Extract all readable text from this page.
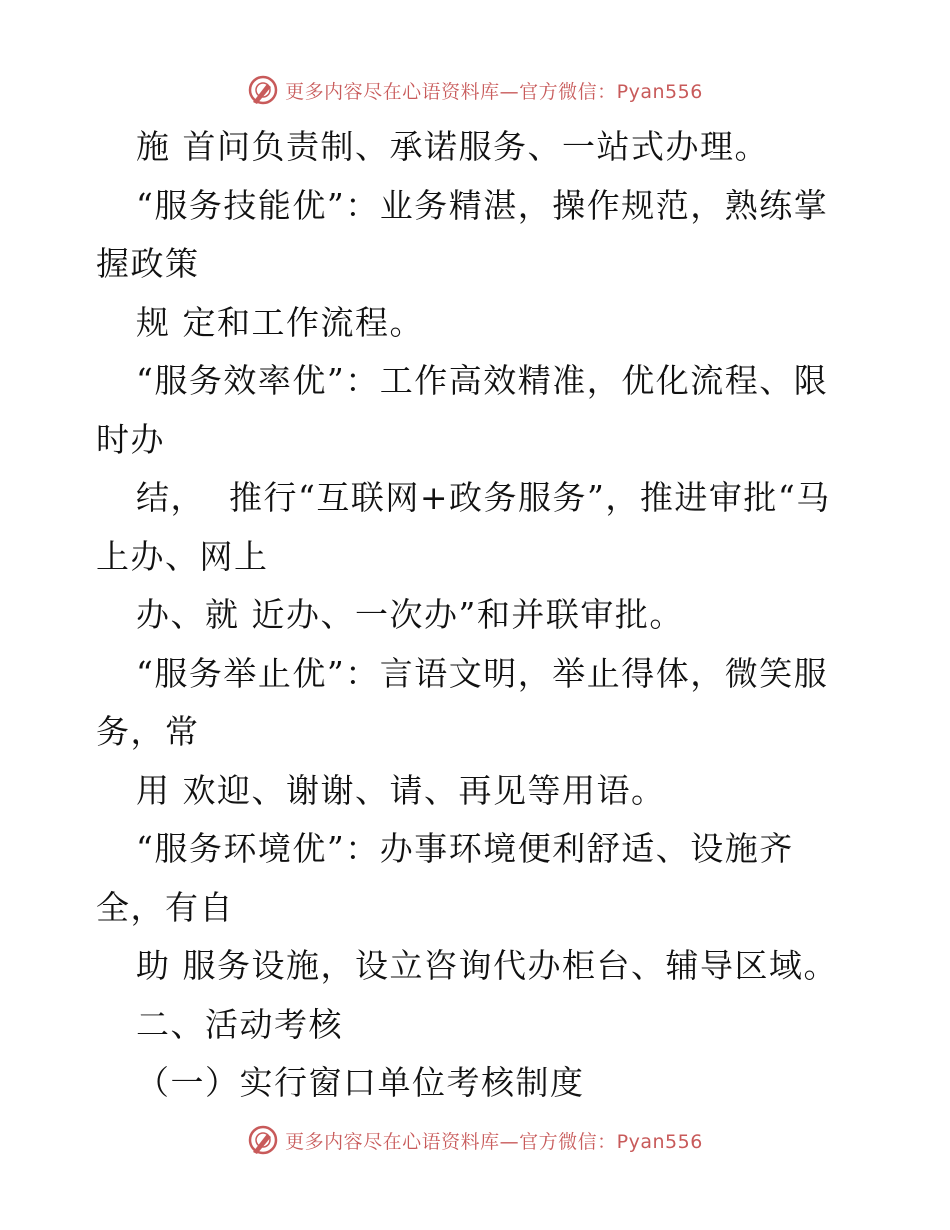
更多内容尽在心语资料库—官方微信：Pyan556
施 首问负责制、承诺服务、一站式办理。
“服务技能优”：业务精湛，操作规范，熟练掌
握政策
规 定和工作流程。
“服务效率优”：工作高效精准，优化流程、限
时办
结，  推行“互联网+政务服务”，推进审批“马
上办、网上
办、就 近办、一次办”和并联审批。
“服务举止优”：言语文明，举止得体，微笑服
务，常
用 欢迎、谢谢、请、再见等用语。
“服务环境优”：办事环境便利舒适、设施齐
全，有自
助 服务设施，设立咨询代办柜台、辅导区域。
二、活动考核
（一）实行窗口单位考核制度
更多内容尽在心语资料库—官方微信：Pyan556
